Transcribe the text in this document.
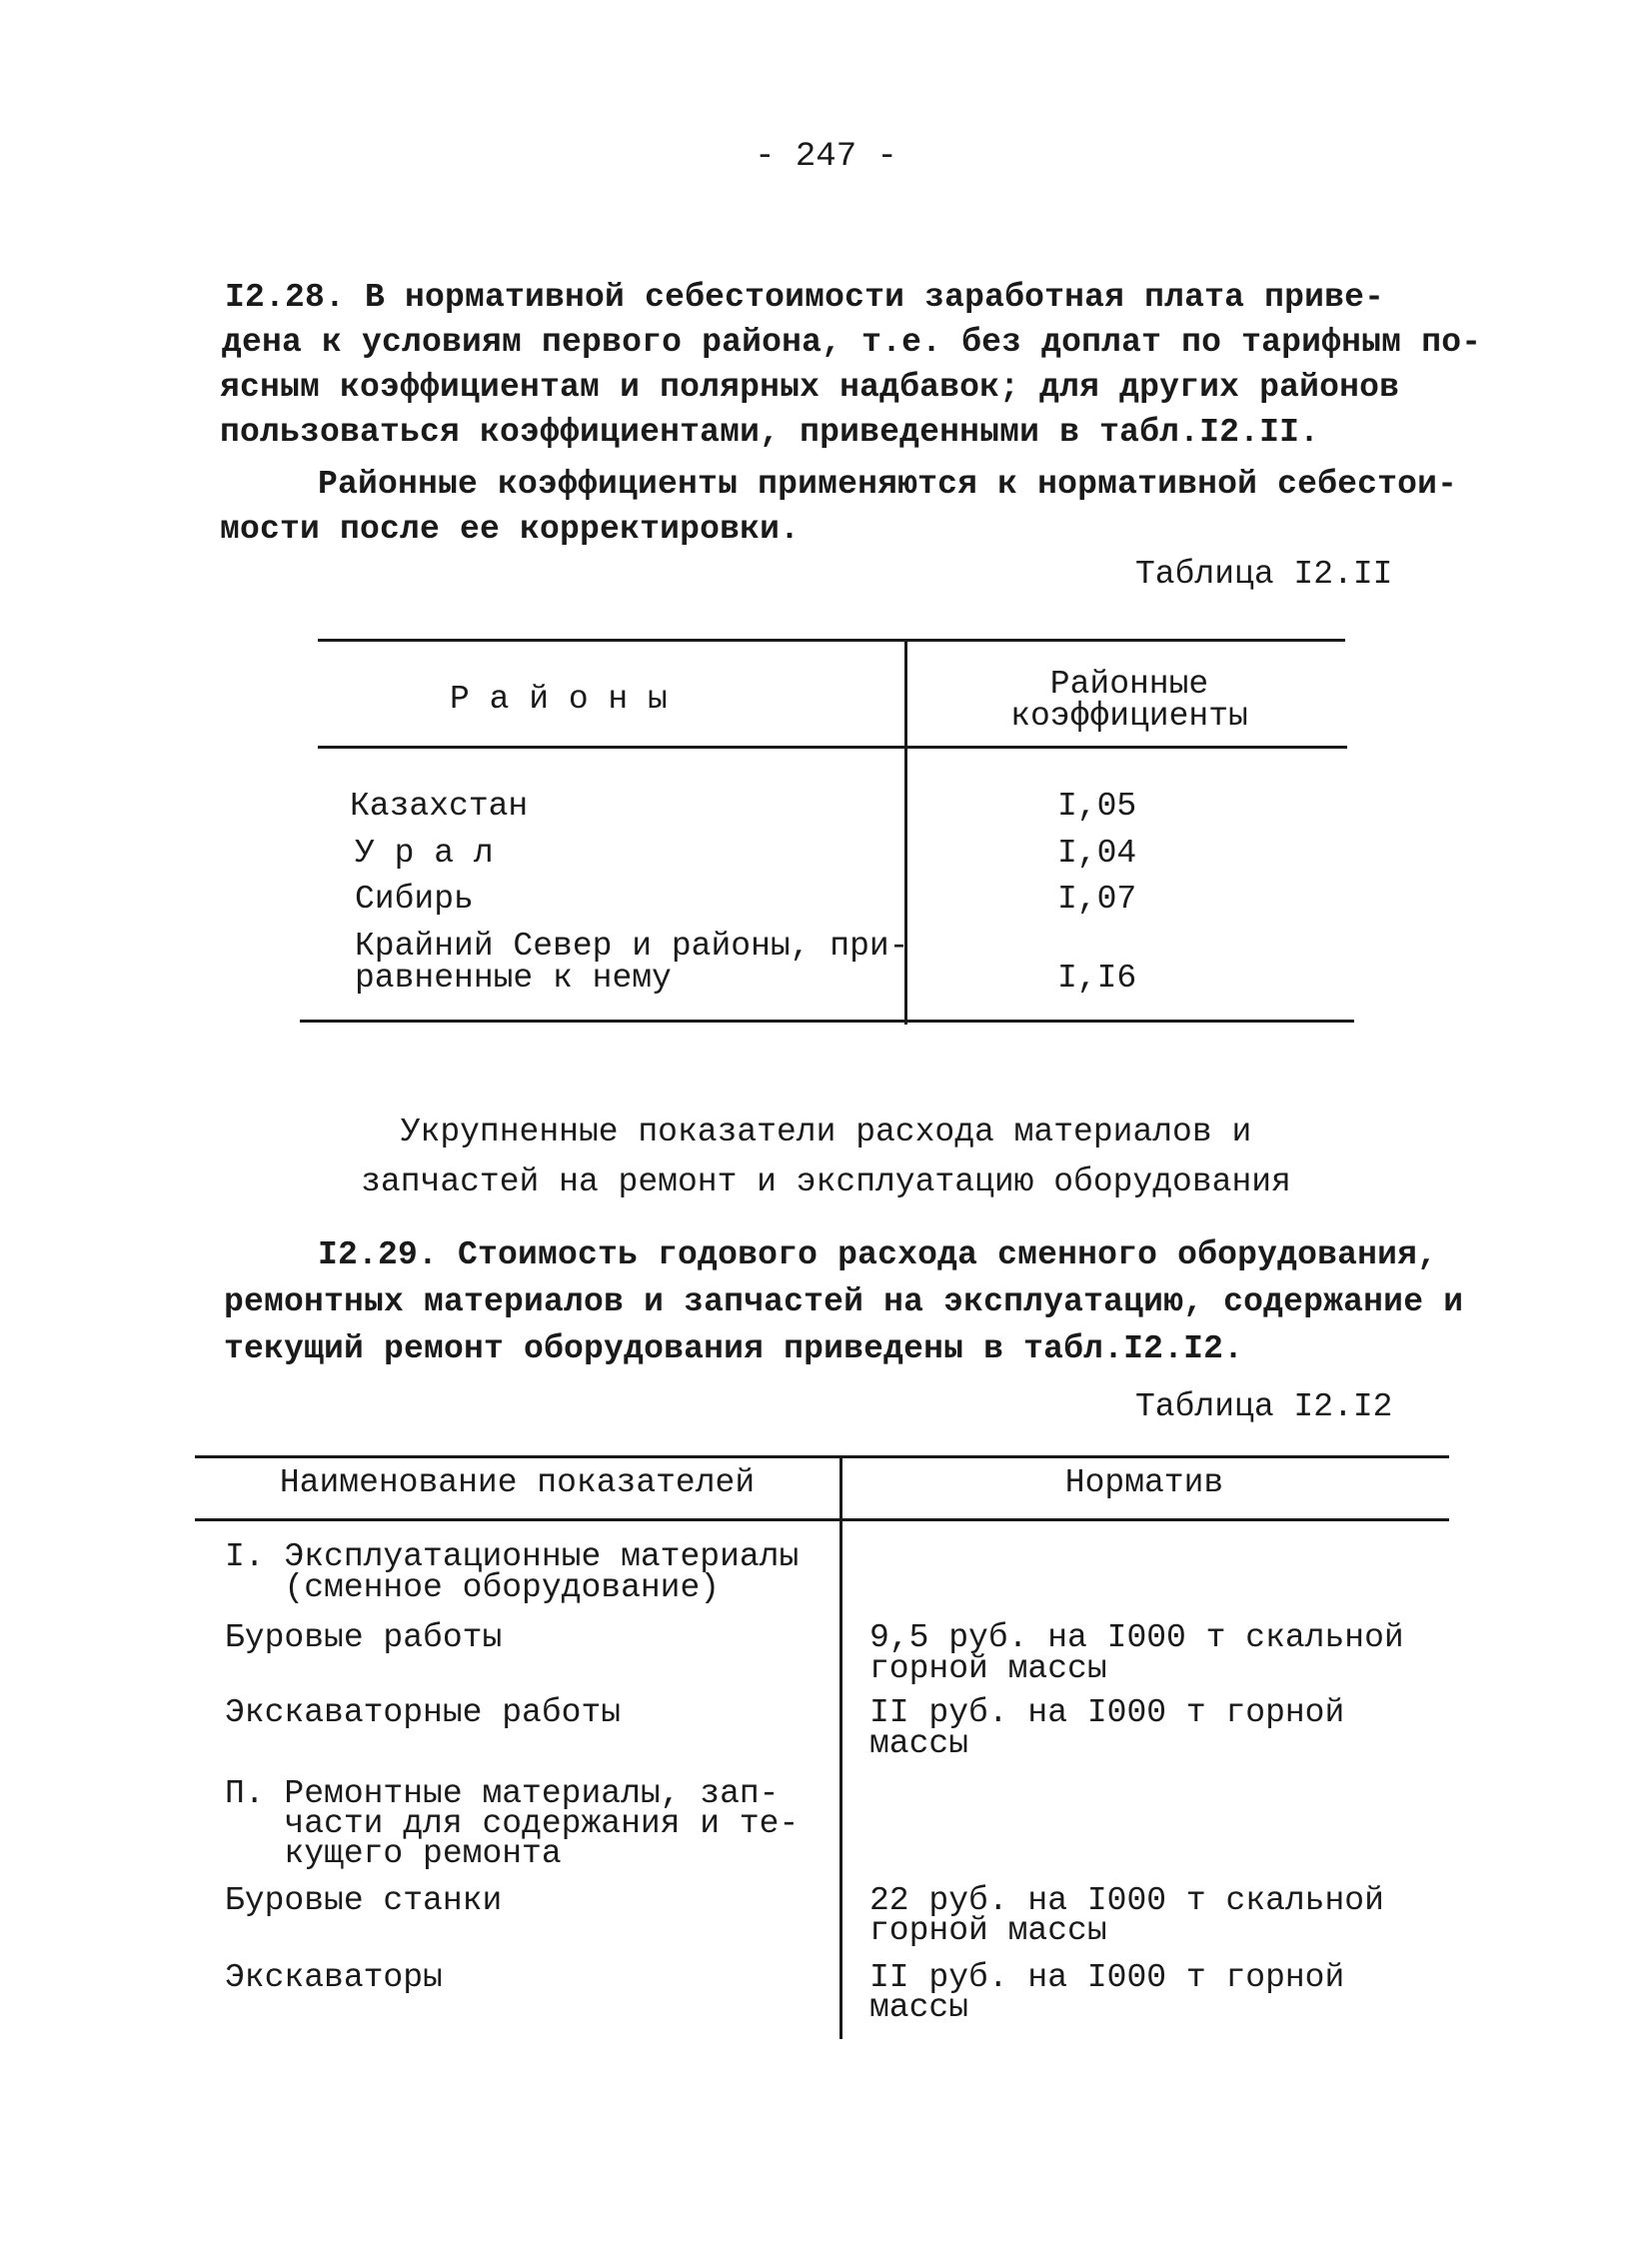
- 247 -
I2.28. В нормативной себестоимости заработная плата приве-
дена к условиям первого района, т.е. без доплат по тарифным по-
ясным коэффициентам и полярных надбавок; для других районов
пользоваться коэффициентами, приведенными в табл.I2.II.
Районные коэффициенты применяются к нормативной себестои-
мости после ее корректировки.
Таблица I2.II
Р а й о н ы	Районные
коэффициенты
Казахстан	I,05
У р а л	I,04
Сибирь	I,07
Крайний Север и районы, при-
равненные к нему	I,I6
Укрупненные показатели расхода материалов и
запчастей на ремонт и эксплуатацию оборудования
I2.29. Стоимость годового расхода сменного оборудования,
ремонтных материалов и запчастей на эксплуатацию, содержание и
текущий ремонт оборудования приведены в табл.I2.I2.
Таблица I2.I2
Наименование показателей	Норматив
I. Эксплуатационные материалы
(сменное оборудование)
Буровые работы	9,5 руб. на I000 т скальной
горной массы
Экскаваторные работы	II руб. на I000 т горной
массы
П. Ремонтные материалы, зап-
части для содержания и те-
кущего ремонта
Буровые станки	22 руб. на I000 т скальной
горной массы
Экскаваторы	II руб. на I000 т горной
массы
